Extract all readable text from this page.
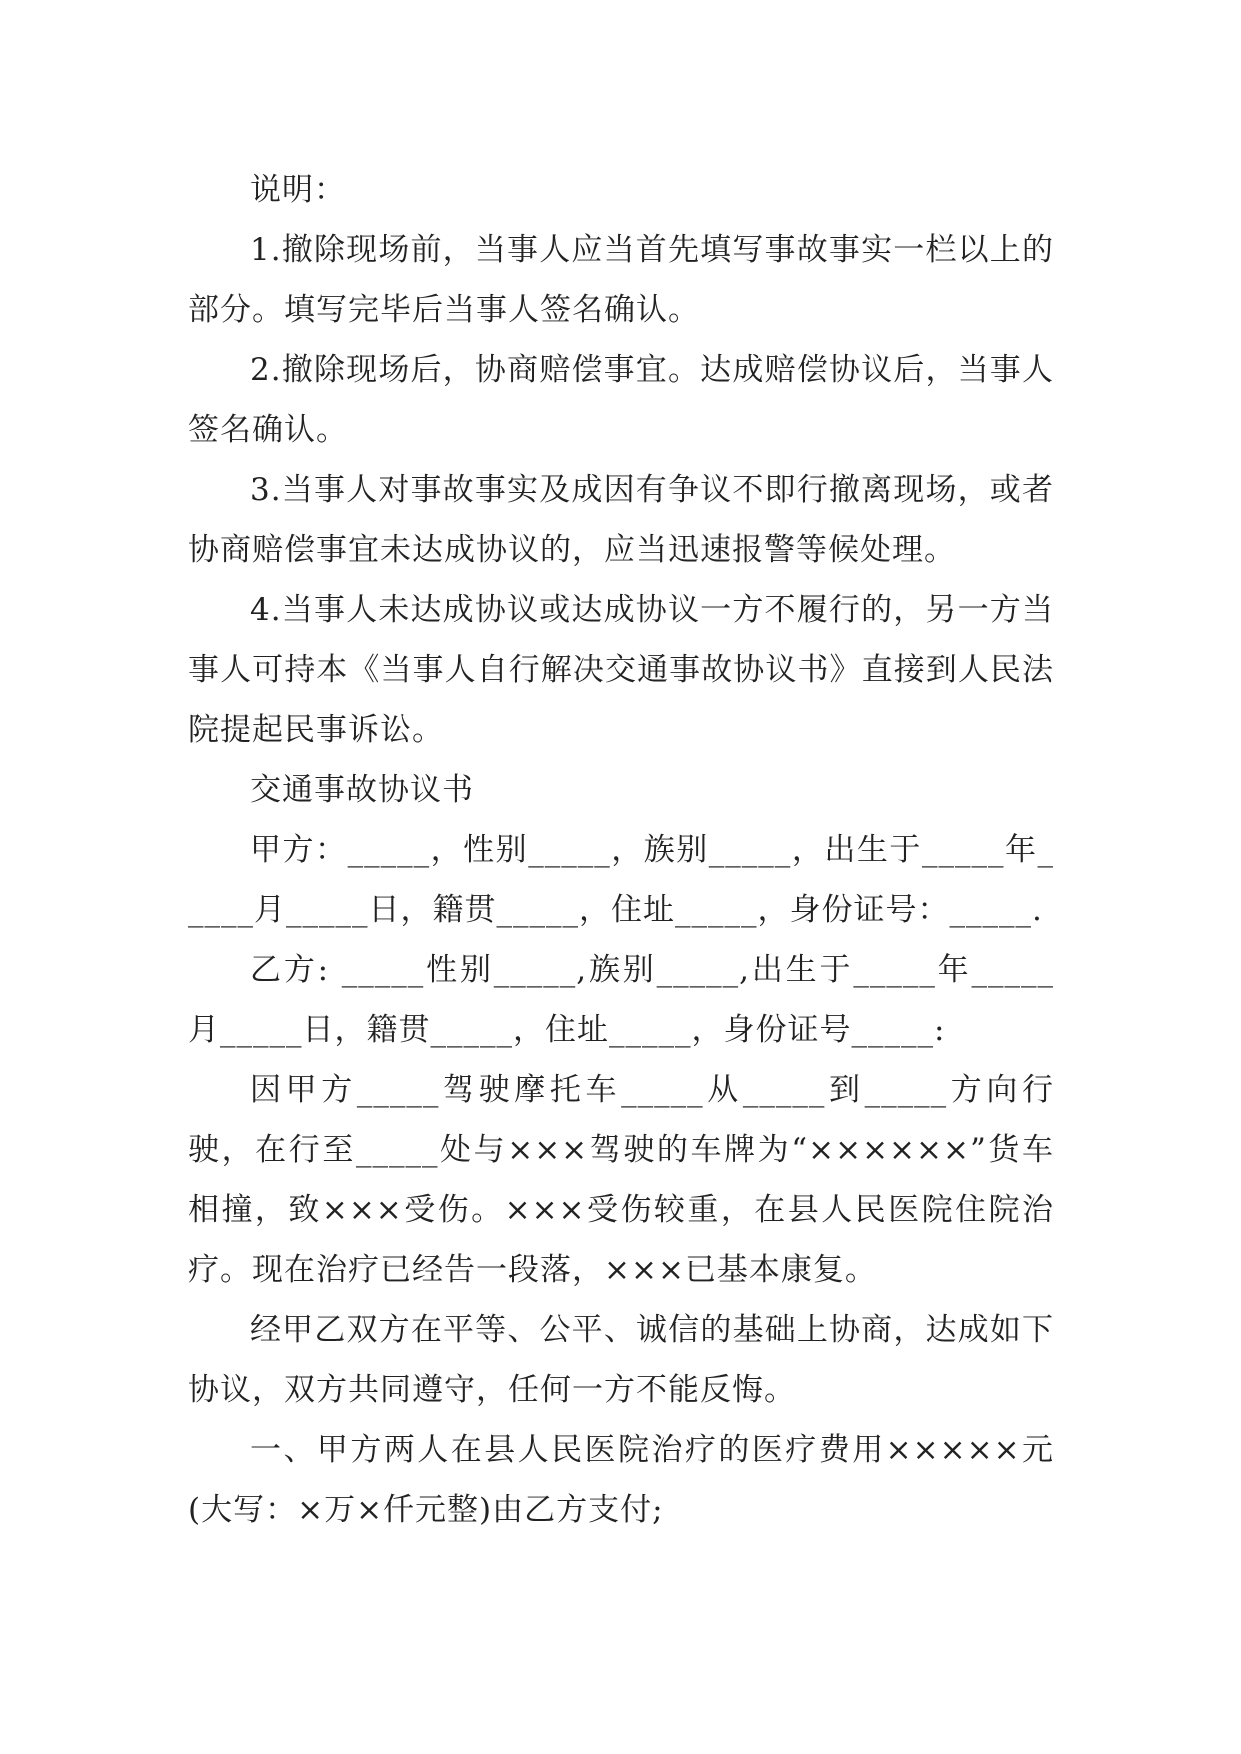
说明：

1.撤除现场前，当事人应当首先填写事故事实一栏以上的部分。填写完毕后当事人签名确认。

2.撤除现场后，协商赔偿事宜。达成赔偿协议后，当事人签名确认。

3.当事人对事故事实及成因有争议不即行撤离现场，或者协商赔偿事宜未达成协议的，应当迅速报警等候处理。

4.当事人未达成协议或达成协议一方不履行的，另一方当事人可持本《当事人自行解决交通事故协议书》直接到人民法院提起民事诉讼。

交通事故协议书

甲方：_____，性别_____，族别_____，出生于_____年_____月_____日，籍贯_____，住址_____，身份证号：_____.

乙方: _____性别_____,族别_____,出生于_____年_____月_____日，籍贯_____，住址_____，身份证号_____:

因甲方_____驾驶摩托车_____从_____到_____方向行驶，在行至_____处与×××驾驶的车牌为“××××××”货车相撞，致×××受伤。×××受伤较重，在县人民医院住院治疗。现在治疗已经告一段落，×××已基本康复。

经甲乙双方在平等、公平、诚信的基础上协商，达成如下协议，双方共同遵守，任何一方不能反悔。

一、甲方两人在县人民医院治疗的医疗费用×××××元(大写：×万×仟元整)由乙方支付;
